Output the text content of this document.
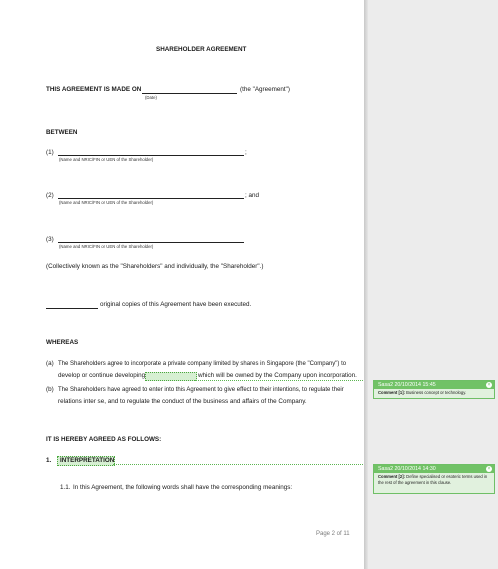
SHAREHOLDER AGREEMENT
THIS AGREEMENT IS MADE ON	(the "Agreement")
(Date)
BETWEEN
(1)	;
(Name and NRIC/FIN or UEN of the Shareholder)
(2)	; and
(Name and NRIC/FIN or UEN of the Shareholder)
(3)
(Name and NRIC/FIN or UEN of the Shareholder)
(Collectively known as the "Shareholders" and individually, the "Shareholder".)
original copies of this Agreement have been executed.
WHEREAS
(a) The Shareholders agree to incorporate a private company limited by shares in Singapore (the "Company") to
develop or continue developing	which will be owned by the Company upon incorporation.
(b) The Shareholders have agreed to enter into this Agreement to give effect to their intentions, to regulate their
relations inter se, and to regulate the conduct of the business and affairs of the Company.
IT IS HEREBY AGREED AS FOLLOWS:
1. INTERPRETATION
1.1. In this Agreement, the following words shall have the corresponding meanings:
Page 2 of 11
Sasa2 20/10/2014 15:45	×
Comment [1]: Business concept or technology.
Sasa2 20/10/2014 14:30	×
Comment [2]: Define specialised or esoteric terms used in the rest of the agreement in this clause.
